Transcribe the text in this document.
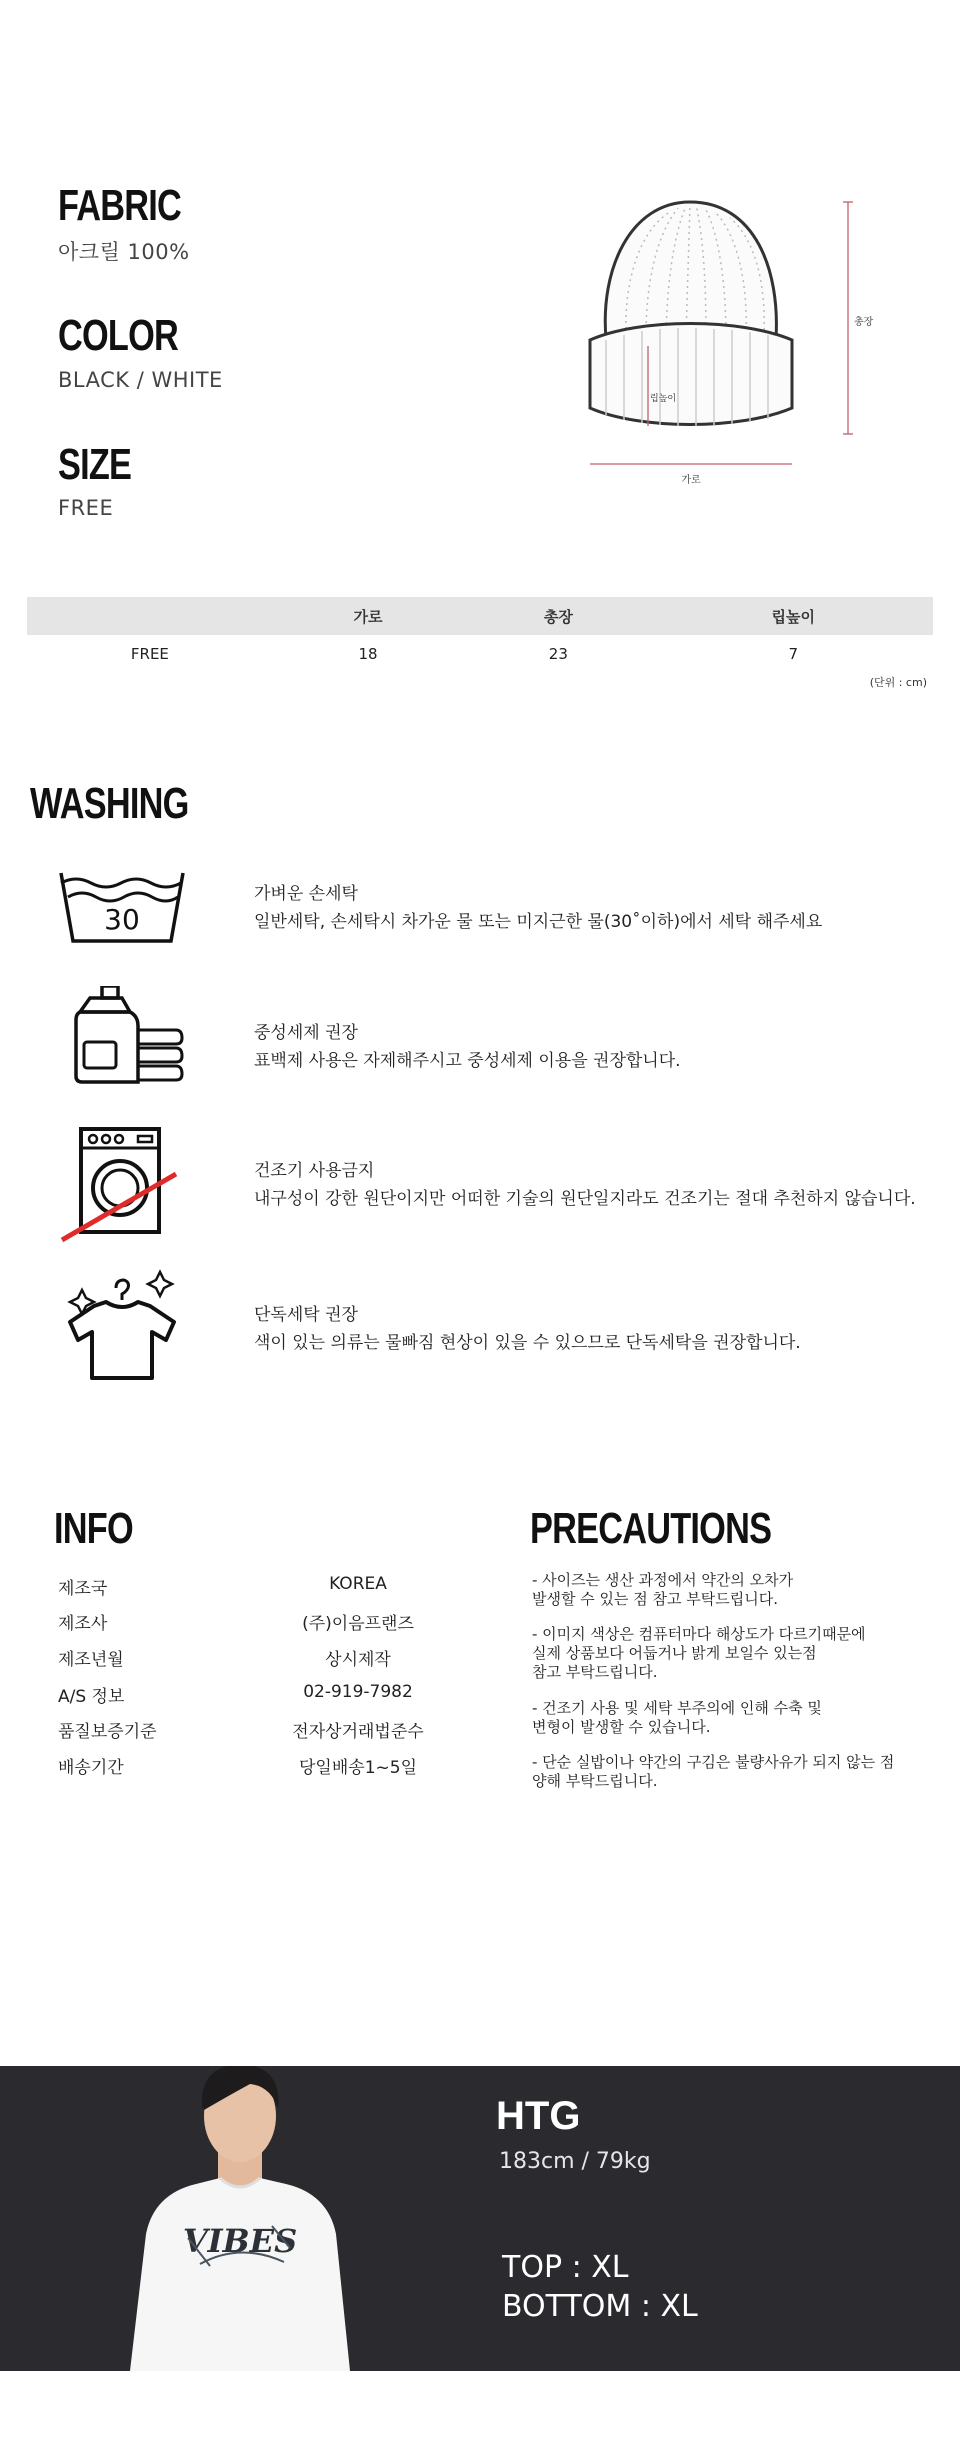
FABRIC
아크릴 100%
COLOR
BLACK / WHITE
SIZE
FREE
총장
립높이
가로
	가로	총장	립높이
FREE	18	23	7
(단위 : cm)
WASHING
30
가벼운 손세탁
일반세탁, 손세탁시 차가운 물 또는 미지근한 물(30˚이하)에서 세탁 해주세요
중성세제 권장
표백제 사용은 자제해주시고 중성세제 이용을 권장합니다.
건조기 사용금지
내구성이 강한 원단이지만 어떠한 기술의 원단일지라도 건조기는 절대 추천하지 않습니다.
단독세탁 권장
색이 있는 의류는 물빠짐 현상이 있을 수 있으므로 단독세탁을 권장합니다.
INFO
제조국	KOREA
제조사	(주)이음프랜즈
제조년월	상시제작
A/S 정보	02-919-7982
품질보증기준	전자상거래법준수
배송기간	당일배송1~5일
PRECAUTIONS
- 사이즈는 생산 과정에서 약간의 오차가
발생할 수 있는 점 참고 부탁드립니다.
- 이미지 색상은 컴퓨터마다 해상도가 다르기때문에
실제 상품보다 어둡거나 밝게 보일수 있는점
참고 부탁드립니다.
- 건조기 사용 및 세탁 부주의에 인해 수축 및
변형이 발생할 수 있습니다.
- 단순 실밥이나 약간의 구김은 불량사유가 되지 않는 점
양해 부탁드립니다.
VIBES
HTG
183cm / 79kg
TOP : XL
BOTTOM : XL
